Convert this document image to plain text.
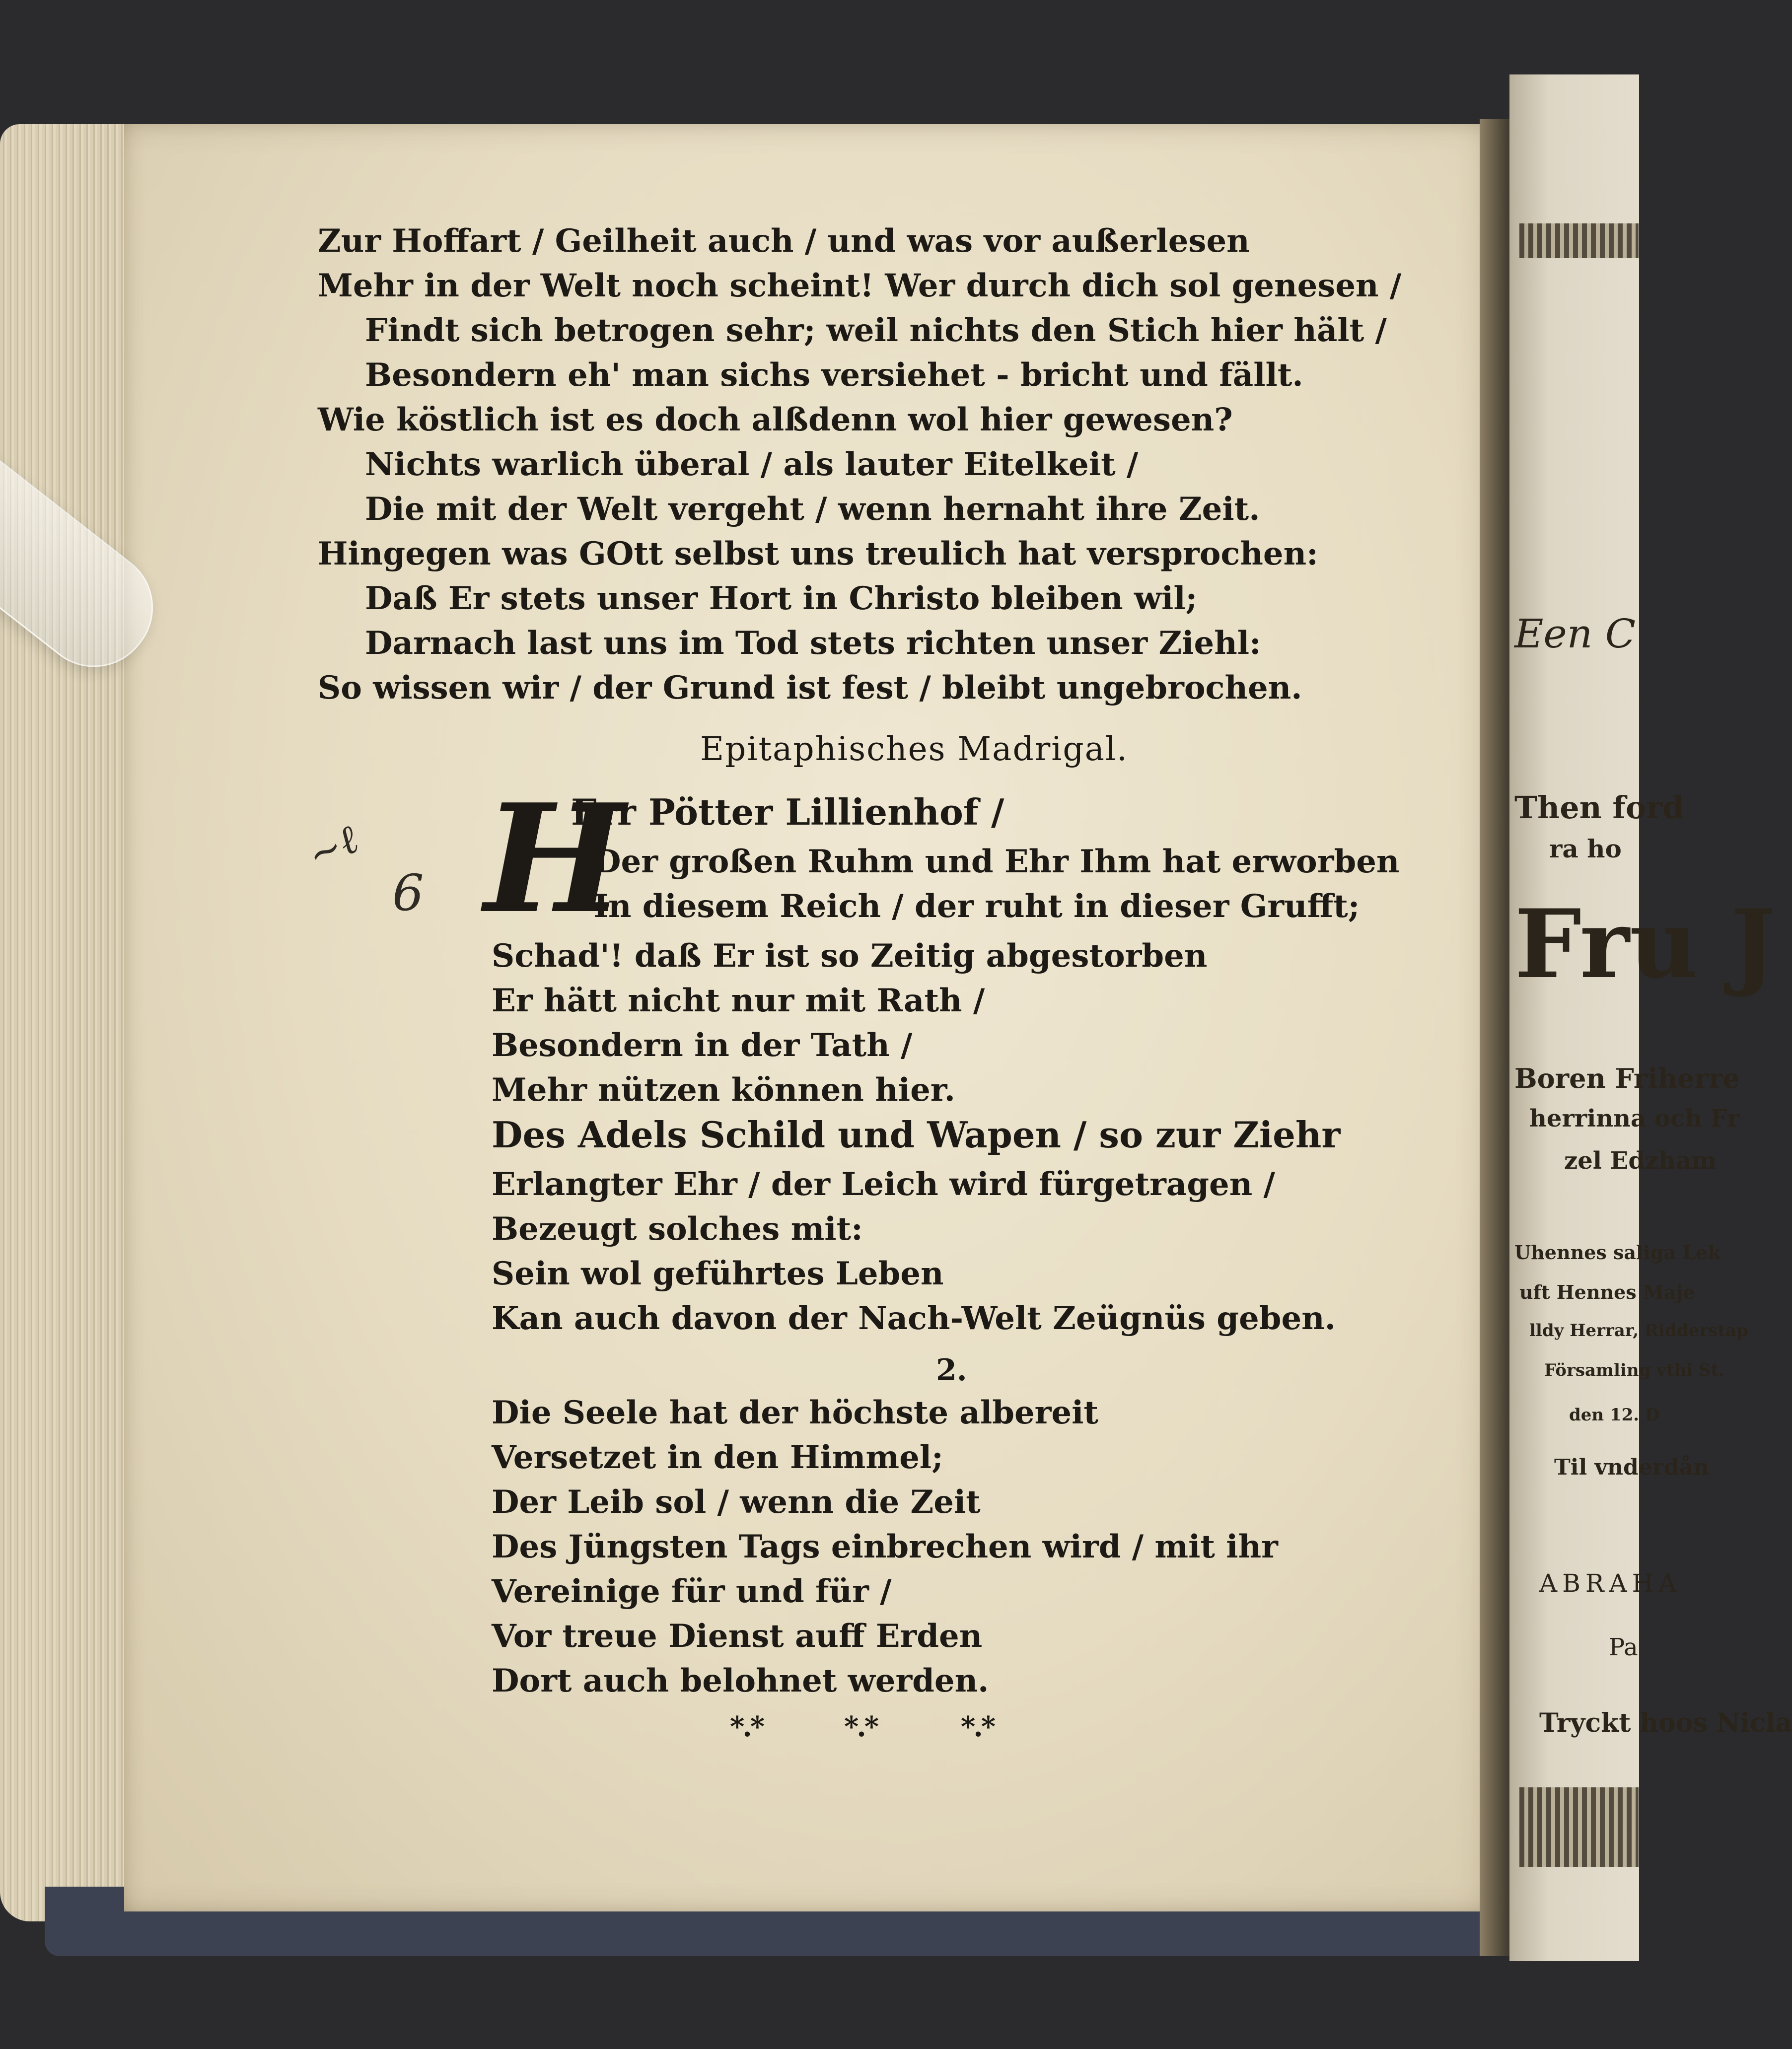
Een C
Then ford
ra ho
Fru J
Boren Friherre
herrinna och Fr
zel Edzham
Uhennes saliga Lek
uft Hennes Maje
lldy Herrar, Ridderstap
Församling vthi St.
den 12. D
Til vnderdån
ABRAHA
Pa
Tryckt hoos Nicla

Zur Hoffart / Geilheit auch / und was vor außerlesen

Mehr in der Welt noch scheint! Wer durch dich sol genesen /

Findt sich betrogen sehr; weil nichts den Stich hier hält /

Besondern eh' man sichs versiehet - bricht und fällt.

Wie köstlich ist es doch alßdenn wol hier gewesen?

Nichts warlich überal / als lauter Eitelkeit /

Die mit der Welt vergeht / wenn hernaht ihre Zeit.

Hingegen was GOtt selbst uns treulich hat versprochen:

Daß Er stets unser Hort in Christo bleiben wil;

Darnach last uns im Tod stets richten unser Ziehl:

So wissen wir / der Grund ist fest / bleibt ungebrochen.

Epitaphisches Madrigal.
~ℓ
6 H

Err Pötter Lillienhof /

Der großen Ruhm und Ehr Ihm hat erworben

In diesem Reich / der ruht in dieser Grufft;

Schad'! daß Er ist so Zeitig abgestorben

Er hätt nicht nur mit Rath /

Besondern in der Tath /

Mehr nützen können hier.

Des Adels Schild und Wapen / so zur Ziehr

Erlangter Ehr / der Leich wird fürgetragen /

Bezeugt solches mit:

Sein wol geführtes Leben

Kan auch davon der Nach-Welt Zeügnüs geben.

2.

Die Seele hat der höchste albereit

Versetzet in den Himmel;

Der Leib sol / wenn die Zeit

Des Jüngsten Tags einbrechen wird / mit ihr

Vereinige für und für /

Vor treue Dienst auff Erden

Dort auch belohnet werden.

*.*	*.*	*.*
